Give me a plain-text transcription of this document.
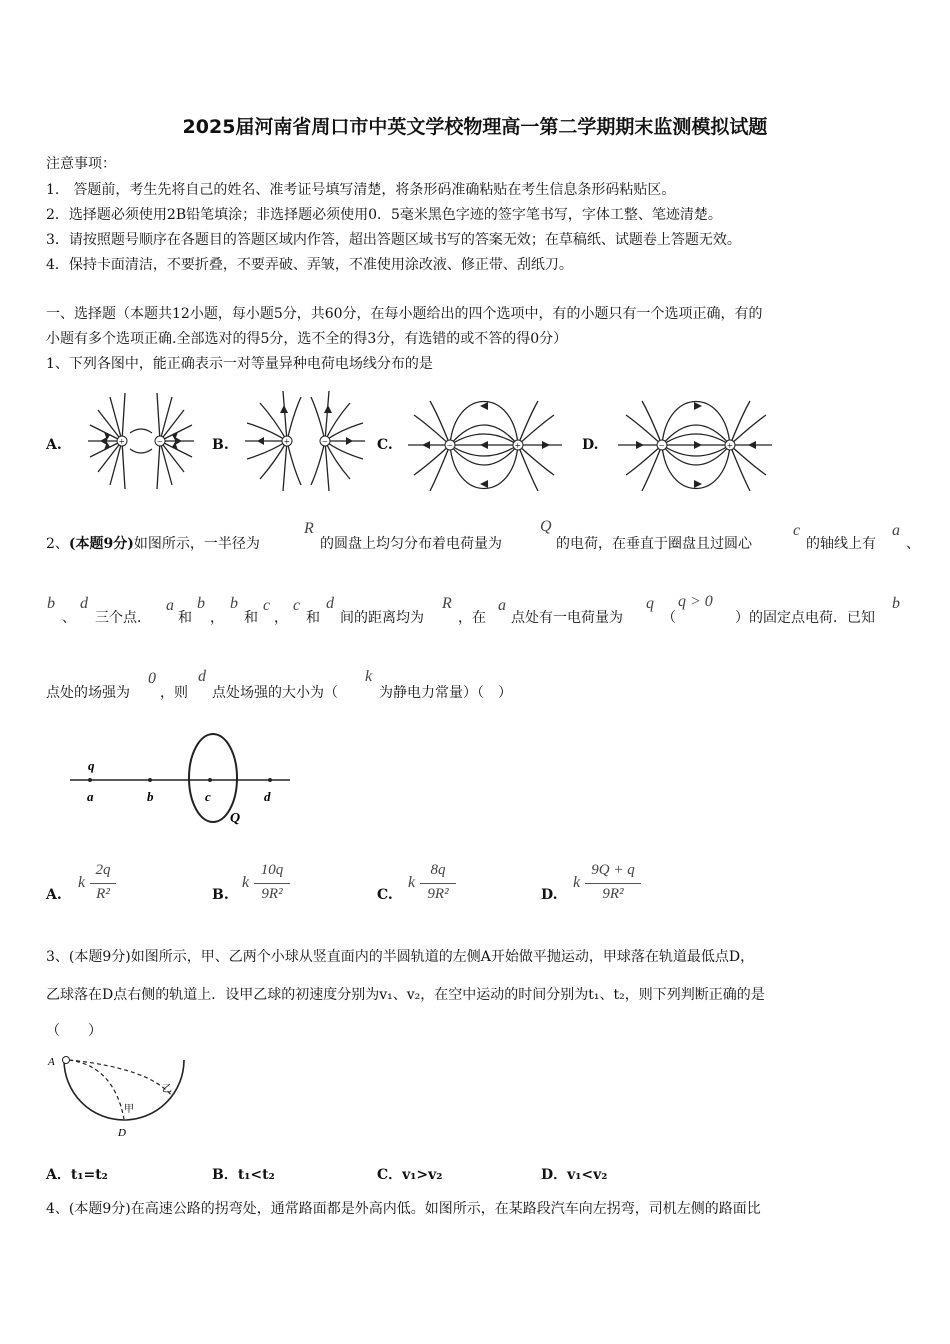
2025届河南省周口市中英文学校物理高一第二学期期末监测模拟试题
注意事项：
1.　答题前，考生先将自己的姓名、准考证号填写清楚，将条形码准确粘贴在考生信息条形码粘贴区。
2．选择题必须使用2B铅笔填涂；非选择题必须使用0．5毫米黑色字迹的签字笔书写，字体工整、笔迹清楚。
3．请按照题号顺序在各题目的答题区域内作答，超出答题区域书写的答案无效；在草稿纸、试题卷上答题无效。
4．保持卡面清洁，不要折叠，不要弄破、弄皱，不准使用涂改液、修正带、刮纸刀。
一、选择题（本题共12小题，每小题5分，共60分，在每小题给出的四个选项中，有的小题只有一个选项正确，有的
小题有多个选项正确.全部选对的得5分，选不全的得3分，有选错的或不答的得0分）
1、下列各图中，能正确表示一对等量异种电荷电场线分布的是
A.	B.	C.	D.
+	−	+	−	−	+	−	+
2、(本题9分)如图所示，一半径为
R
的圆盘上均匀分布着电荷量为
Q
的电荷，在垂直于圈盘且过圆心
c
的轴线上有
a
、
b
、
d
三个点．
a
和
b
，
b
和
c
，
c
和
d
间的距离均为
R
，在
a
点处有一电荷量为
q
（
q > 0
）的固定点电荷．已知
b
点处的场强为
0
，则
d
点处场强的大小为（
k
为静电力常量）（　）
q
a	b	c	d
Q
A.
k
2q
R²	B.
k
10q
9R²	C.
k
8q
9R²	D.
k
9Q + q
9R²
3、(本题9分)如图所示，甲、乙两个小球从竖直面内的半圆轨道的左侧A开始做平抛运动，甲球落在轨道最低点D，
乙球落在D点右侧的轨道上．设甲乙球的初速度分别为v₁、v₂，在空中运动的时间分别为t₁、t₂，则下列判断正确的是
（　　）
A
D
甲
乙
A．t₁=t₂	B．t₁<t₂	C．v₁>v₂	D．v₁<v₂
4、(本题9分)在高速公路的拐弯处，通常路面都是外高内低。如图所示，在某路段汽车向左拐弯，司机左侧的路面比
